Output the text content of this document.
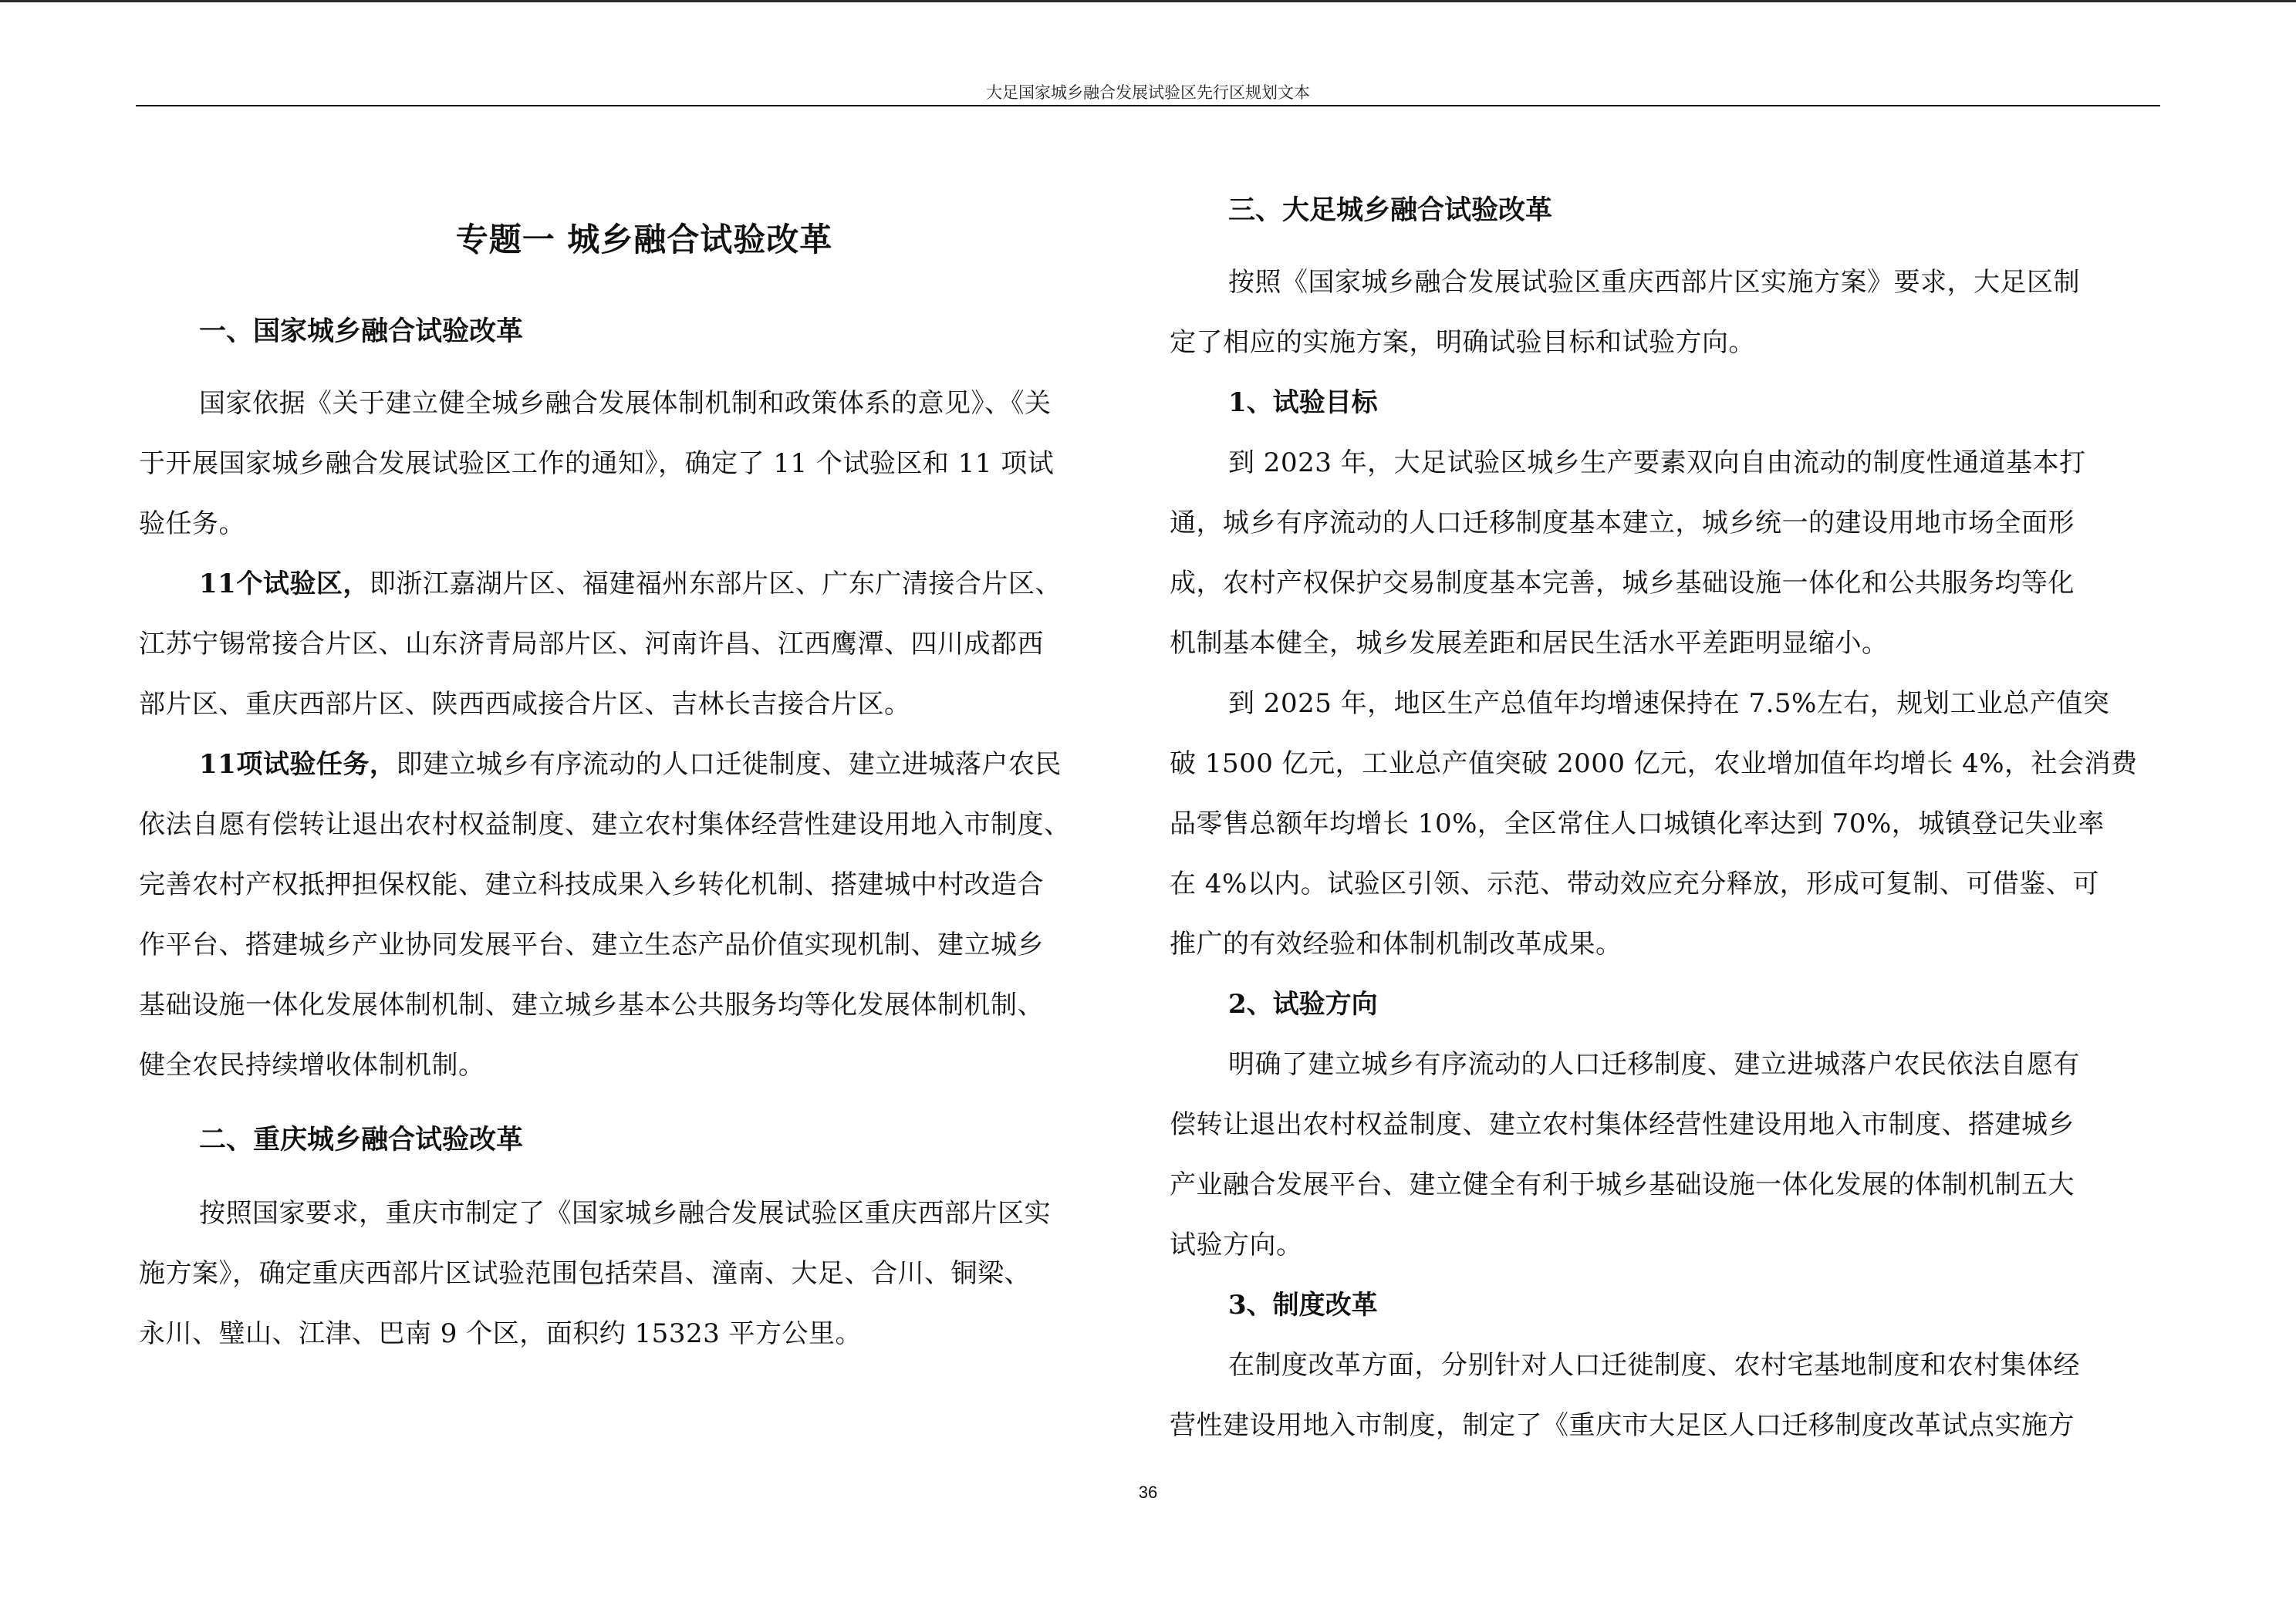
大足国家城乡融合发展试验区先行区规划文本
专题一 城乡融合试验改革
一、国家城乡融合试验改革
国家依据《关于建立健全城乡融合发展体制机制和政策体系的意见》、《关
于开展国家城乡融合发展试验区工作的通知》，确定了 11 个试验区和 11 项试
验任务。
11个试验区，即浙江嘉湖片区、福建福州东部片区、广东广清接合片区、
江苏宁锡常接合片区、山东济青局部片区、河南许昌、江西鹰潭、四川成都西
部片区、重庆西部片区、陕西西咸接合片区、吉林长吉接合片区。
11项试验任务，即建立城乡有序流动的人口迁徙制度、建立进城落户农民
依法自愿有偿转让退出农村权益制度、建立农村集体经营性建设用地入市制度、
完善农村产权抵押担保权能、建立科技成果入乡转化机制、搭建城中村改造合
作平台、搭建城乡产业协同发展平台、建立生态产品价值实现机制、建立城乡
基础设施一体化发展体制机制、建立城乡基本公共服务均等化发展体制机制、
健全农民持续增收体制机制。
二、重庆城乡融合试验改革
按照国家要求，重庆市制定了《国家城乡融合发展试验区重庆西部片区实
施方案》，确定重庆西部片区试验范围包括荣昌、潼南、大足、合川、铜梁、
永川、璧山、江津、巴南 9 个区，面积约 15323 平方公里。
三、大足城乡融合试验改革
按照《国家城乡融合发展试验区重庆西部片区实施方案》要求，大足区制
定了相应的实施方案，明确试验目标和试验方向。
1、试验目标
到 2023 年，大足试验区城乡生产要素双向自由流动的制度性通道基本打
通，城乡有序流动的人口迁移制度基本建立，城乡统一的建设用地市场全面形
成，农村产权保护交易制度基本完善，城乡基础设施一体化和公共服务均等化
机制基本健全，城乡发展差距和居民生活水平差距明显缩小。
到 2025 年，地区生产总值年均增速保持在 7.5%左右，规划工业总产值突
破 1500 亿元，工业总产值突破 2000 亿元，农业增加值年均增长 4%，社会消费
品零售总额年均增长 10%，全区常住人口城镇化率达到 70%，城镇登记失业率
在 4%以内。试验区引领、示范、带动效应充分释放，形成可复制、可借鉴、可
推广的有效经验和体制机制改革成果。
2、试验方向
明确了建立城乡有序流动的人口迁移制度、建立进城落户农民依法自愿有
偿转让退出农村权益制度、建立农村集体经营性建设用地入市制度、搭建城乡
产业融合发展平台、建立健全有利于城乡基础设施一体化发展的体制机制五大
试验方向。
3、制度改革
在制度改革方面，分别针对人口迁徙制度、农村宅基地制度和农村集体经
营性建设用地入市制度，制定了《重庆市大足区人口迁移制度改革试点实施方
36
